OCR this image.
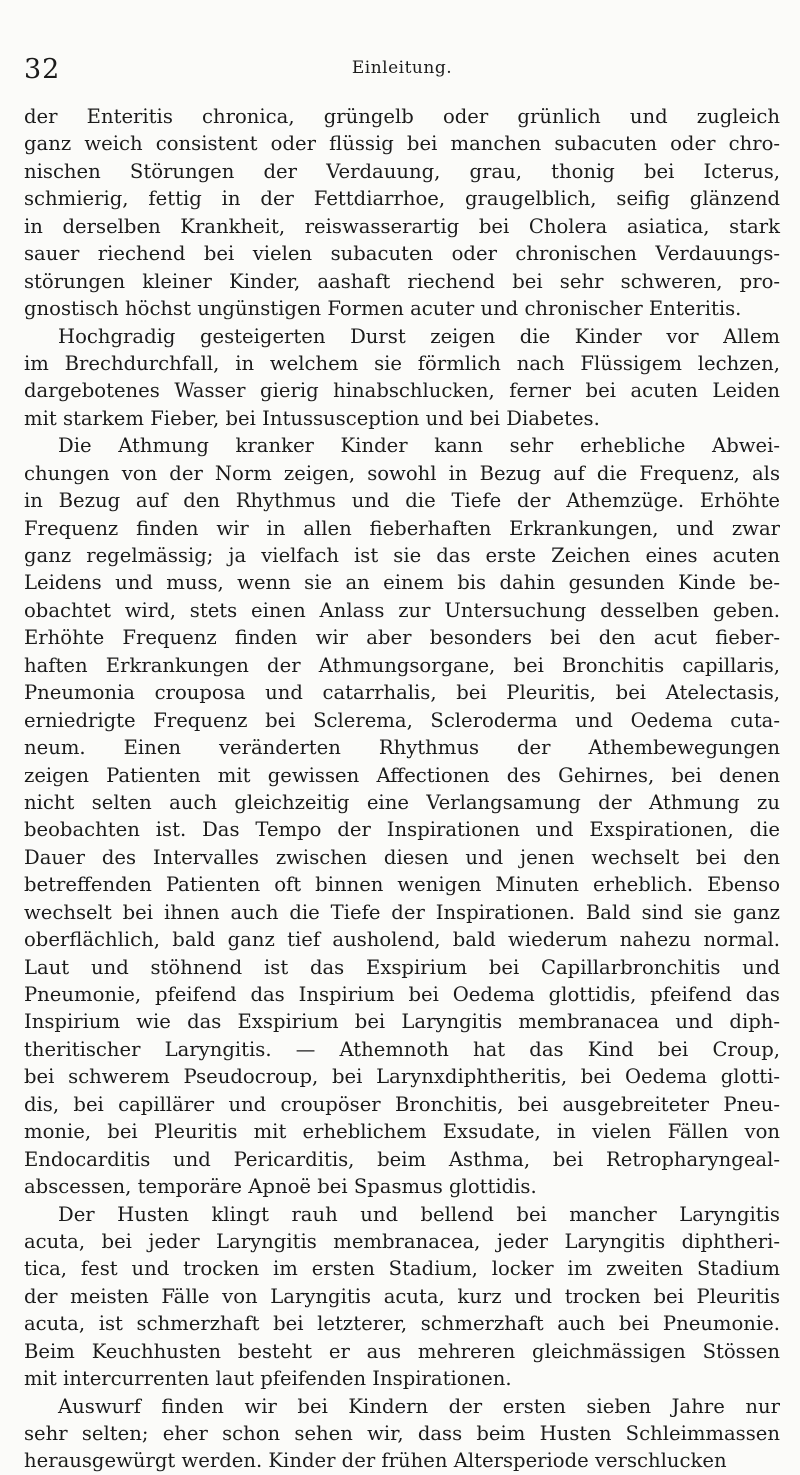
32	Einleitung.
der Enteritis chronica, grüngelb oder grünlich und zugleich
ganz weich consistent oder flüssig bei manchen subacuten oder chro-
nischen Störungen der Verdauung, grau, thonig bei Icterus,
schmierig, fettig in der Fettdiarrhoe, graugelblich, seifig glänzend
in derselben Krankheit, reiswasserartig bei Cholera asiatica, stark
sauer riechend bei vielen subacuten oder chronischen Verdauungs-
störungen kleiner Kinder, aashaft riechend bei sehr schweren, pro-
gnostisch höchst ungünstigen Formen acuter und chronischer Enteritis.
Hochgradig gesteigerten Durst zeigen die Kinder vor Allem
im Brechdurchfall, in welchem sie förmlich nach Flüssigem lechzen,
dargebotenes Wasser gierig hinabschlucken, ferner bei acuten Leiden
mit starkem Fieber, bei Intussusception und bei Diabetes.
Die Athmung kranker Kinder kann sehr erhebliche Abwei-
chungen von der Norm zeigen, sowohl in Bezug auf die Frequenz, als
in Bezug auf den Rhythmus und die Tiefe der Athemzüge. Erhöhte
Frequenz finden wir in allen fieberhaften Erkrankungen, und zwar
ganz regelmässig; ja vielfach ist sie das erste Zeichen eines acuten
Leidens und muss, wenn sie an einem bis dahin gesunden Kinde be-
obachtet wird, stets einen Anlass zur Untersuchung desselben geben.
Erhöhte Frequenz finden wir aber besonders bei den acut fieber-
haften Erkrankungen der Athmungsorgane, bei Bronchitis capillaris,
Pneumonia crouposa und catarrhalis, bei Pleuritis, bei Atelectasis,
erniedrigte Frequenz bei Sclerema, Scleroderma und Oedema cuta-
neum. Einen veränderten Rhythmus der Athembewegungen
zeigen Patienten mit gewissen Affectionen des Gehirnes, bei denen
nicht selten auch gleichzeitig eine Verlangsamung der Athmung zu
beobachten ist. Das Tempo der Inspirationen und Exspirationen, die
Dauer des Intervalles zwischen diesen und jenen wechselt bei den
betreffenden Patienten oft binnen wenigen Minuten erheblich. Ebenso
wechselt bei ihnen auch die Tiefe der Inspirationen. Bald sind sie ganz
oberflächlich, bald ganz tief ausholend, bald wiederum nahezu normal.
Laut und stöhnend ist das Exspirium bei Capillarbronchitis und
Pneumonie, pfeifend das Inspirium bei Oedema glottidis, pfeifend das
Inspirium wie das Exspirium bei Laryngitis membranacea und diph-
theritischer Laryngitis. — Athemnoth hat das Kind bei Croup,
bei schwerem Pseudocroup, bei Larynxdiphtheritis, bei Oedema glotti-
dis, bei capillärer und croupöser Bronchitis, bei ausgebreiteter Pneu-
monie, bei Pleuritis mit erheblichem Exsudate, in vielen Fällen von
Endocarditis und Pericarditis, beim Asthma, bei Retropharyngeal-
abscessen, temporäre Apnoë bei Spasmus glottidis.
Der Husten klingt rauh und bellend bei mancher Laryngitis
acuta, bei jeder Laryngitis membranacea, jeder Laryngitis diphtheri-
tica, fest und trocken im ersten Stadium, locker im zweiten Stadium
der meisten Fälle von Laryngitis acuta, kurz und trocken bei Pleuritis
acuta, ist schmerzhaft bei letzterer, schmerzhaft auch bei Pneumonie.
Beim Keuchhusten besteht er aus mehreren gleichmässigen Stössen
mit intercurrenten laut pfeifenden Inspirationen.
Auswurf finden wir bei Kindern der ersten sieben Jahre nur
sehr selten; eher schon sehen wir, dass beim Husten Schleimmassen
herausgewürgt werden. Kinder der frühen Altersperiode verschlucken
